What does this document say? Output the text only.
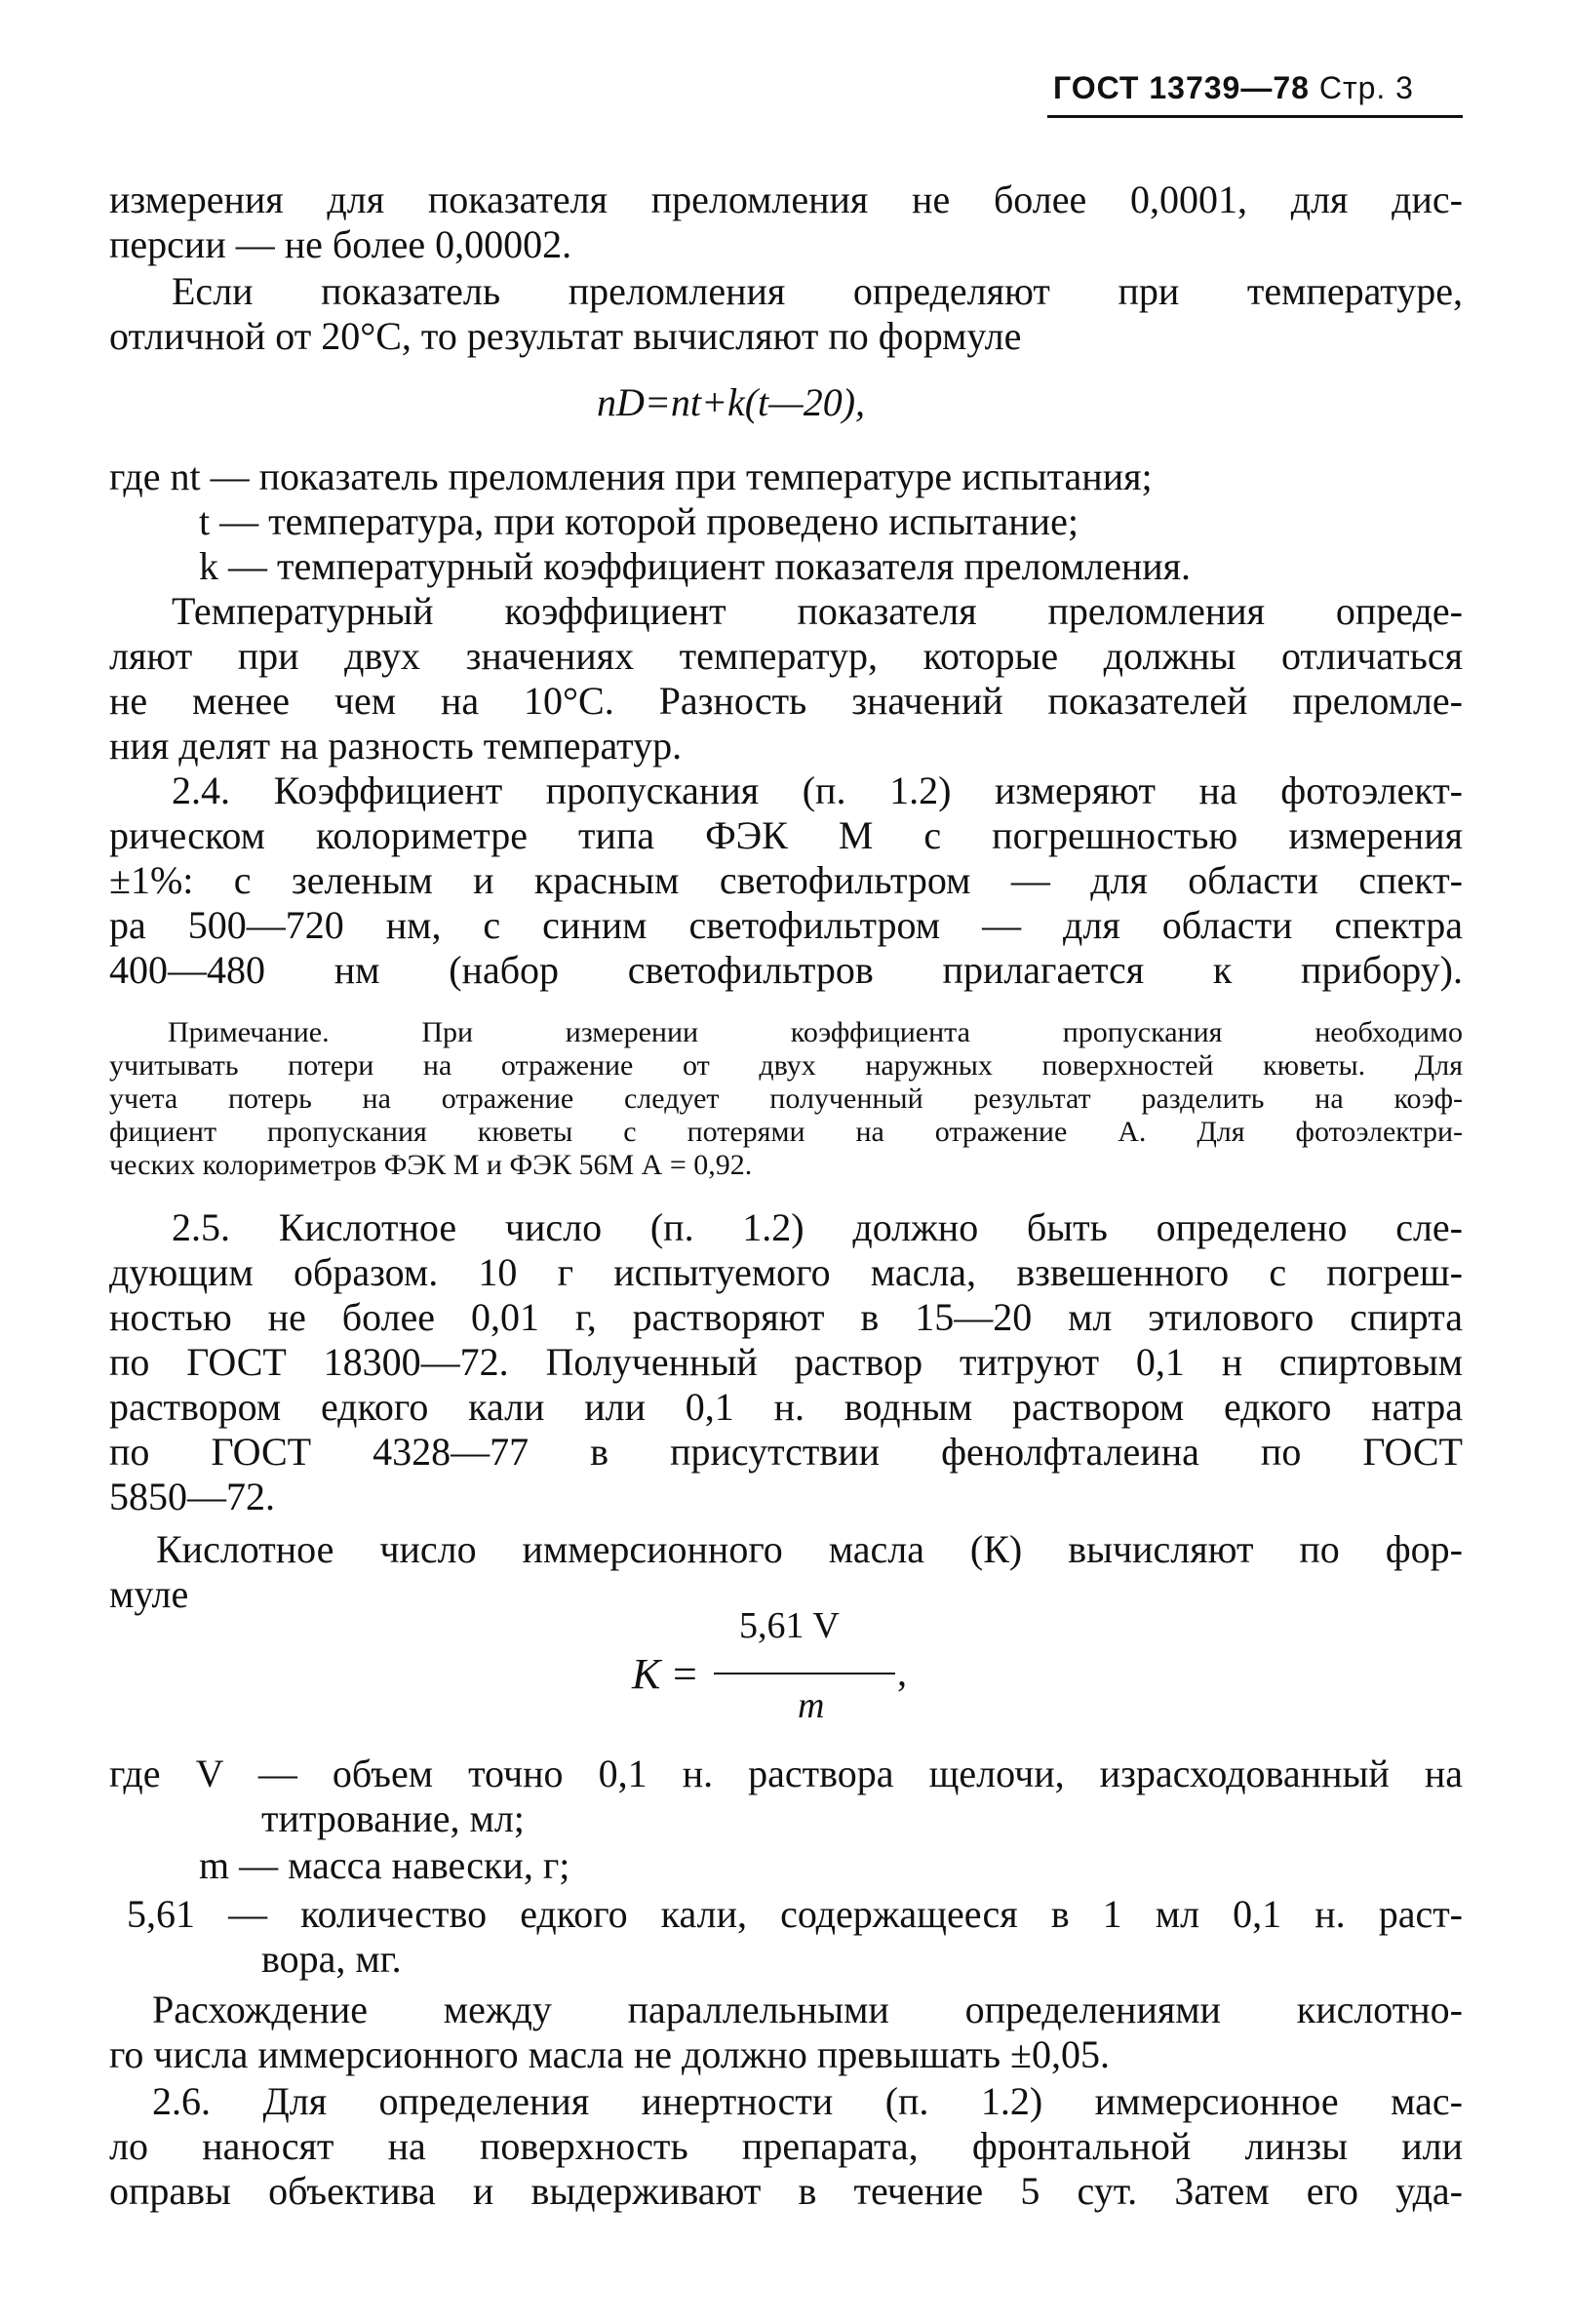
ГОСТ 13739—78 Стр. 3
измерения для показателя преломления не более 0,0001, для дис-
персии — не более 0,00002.
Если показатель преломления определяют при температуре,
отличной от 20°С, то результат вычисляют по формуле
nD=nt+k(t—20),
где nt — показатель преломления при температуре испытания;
t — температура, при которой проведено испытание;
k — температурный коэффициент показателя преломления.
Температурный коэффициент показателя преломления опреде-
ляют при двух значениях температур, которые должны отличаться
не менее чем на 10°С. Разность значений показателей преломле-
ния делят на разность температур.
2.4. Коэффициент пропускания (п. 1.2) измеряют на фотоэлект-
рическом колориметре типа ФЭК М с погрешностью измерения
±1%: с зеленым и красным светофильтром — для области спект-
ра 500—720 нм, с синим светофильтром — для области спектра
400—480 нм (набор светофильтров прилагается к прибору).
Примечание. При измерении коэффициента пропускания необходимо
учитывать потери на отражение от двух наружных поверхностей кюветы. Для
учета потерь на отражение следует полученный результат разделить на коэф-
фициент пропускания кюветы с потерями на отражение А. Для фотоэлектри-
ческих колориметров ФЭК М и ФЭК 56М А = 0,92.
2.5. Кислотное число (п. 1.2) должно быть определено сле-
дующим образом. 10 г испытуемого масла, взвешенного с погреш-
ностью не более 0,01 г, растворяют в 15—20 мл этилового спирта
по ГОСТ 18300—72. Полученный раствор титруют 0,1 н спиртовым
раствором едкого кали или 0,1 н. водным раствором едкого натра
по ГОСТ 4328—77 в присутствии фенолфталеина по ГОСТ
5850—72.
Кислотное число иммерсионного масла (К) вычисляют по фор-
муле
К =
5,61 V
m
,
где V — объем точно 0,1 н. раствора щелочи, израсходованный на
титрование, мл;
m — масса навески, г;
5,61 — количество едкого кали, содержащееся в 1 мл 0,1 н. раст-
вора, мг.
Расхождение между параллельными определениями кислотно-
го числа иммерсионного масла не должно превышать ±0,05.
2.6. Для определения инертности (п. 1.2) иммерсионное мас-
ло наносят на поверхность препарата, фронтальной линзы или
оправы объектива и выдерживают в течение 5 сут. Затем его уда-
